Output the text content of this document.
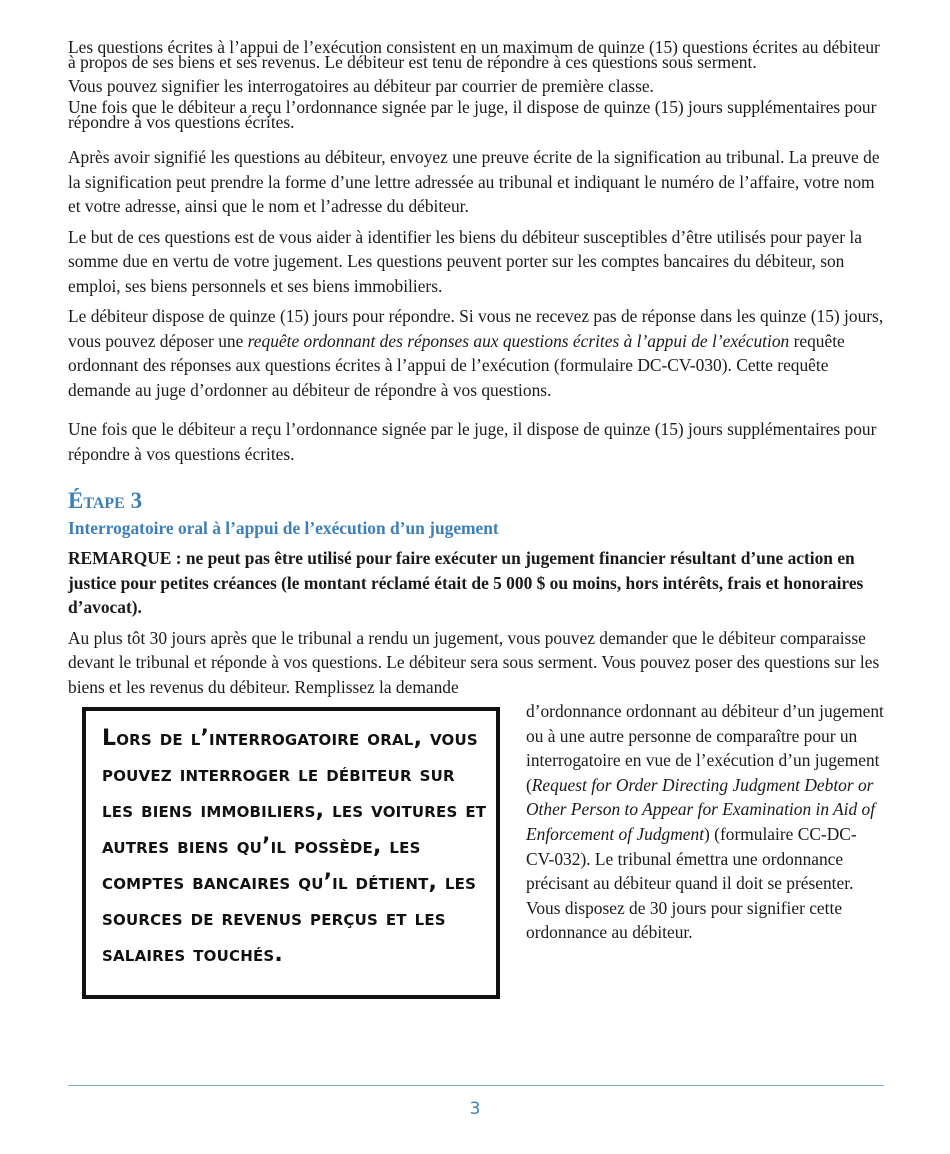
Les questions écrites à l’appui de l’exécution consistent en un maximum de quinze (15) questions écrites au débiteur à propos de ses biens et ses revenus. Le débiteur est tenu de répondre à ces questions sous serment.

Vous pouvez signifier les interrogatoires au débiteur par courrier de première classe.

Une fois que le débiteur a reçu l’ordonnance signée par le juge, il dispose de quinze (15) jours supplémentaires pour répondre à vos questions écrites.

Après avoir signifié les questions au débiteur, envoyez une preuve écrite de la signification au tribunal. La preuve de la signification peut prendre la forme d’une lettre adressée au tribunal et indiquant le numéro de l’affaire, votre nom et votre adresse, ainsi que le nom et l’adresse du débiteur.

Le but de ces questions est de vous aider à identifier les biens du débiteur susceptibles d’être utilisés pour payer la somme due en vertu de votre jugement. Les questions peuvent porter sur les comptes bancaires du débiteur, son emploi, ses biens personnels et ses biens immobiliers.

Le débiteur dispose de quinze (15) jours pour répondre. Si vous ne recevez pas de réponse dans les quinze (15) jours, vous pouvez déposer une requête ordonnant des réponses aux questions écrites à l’appui de l’exécution requête ordonnant des réponses aux questions écrites à l’appui de l’exécution (formulaire DC-CV-030). Cette requête demande au juge d’ordonner au débiteur de répondre à vos questions.

Une fois que le débiteur a reçu l’ordonnance signée par le juge, il dispose de quinze (15) jours supplémentaires pour répondre à vos questions écrites.

Étape 3
Interrogatoire oral à l’appui de l’exécution d’un jugement

REMARQUE : ne peut pas être utilisé pour faire exécuter un jugement financier résultant d’une action en justice pour petites créances (le montant réclamé était de 5 000 $ ou moins, hors intérêts, frais et honoraires d’avocat).

Au plus tôt 30 jours après que le tribunal a rendu un jugement, vous pouvez demander que le débiteur comparaisse devant le tribunal et réponde à vos questions. Le débiteur sera sous serment. Vous pouvez poser des questions sur les biens et les revenus du débiteur. Remplissez la demande

Lors de l’interrogatoire oral, vous pouvez interroger le débiteur sur les biens immobiliers, les voitures et autres biens qu’il possède, les comptes bancaires qu’il détient, les sources de revenus perçus et les salaires touchés.

d’ordonnance ordonnant au débiteur d’un jugement ou à une autre personne de comparaître pour un interrogatoire en vue de l’exécution d’un jugement (Request for Order Directing Judgment Debtor or Other Person to Appear for Examination in Aid of Enforcement of Judgment) (formulaire CC-DC-CV-032). Le tribunal émettra une ordonnance précisant au débiteur quand il doit se présenter. Vous disposez de 30 jours pour signifier cette ordonnance au débiteur.

3
